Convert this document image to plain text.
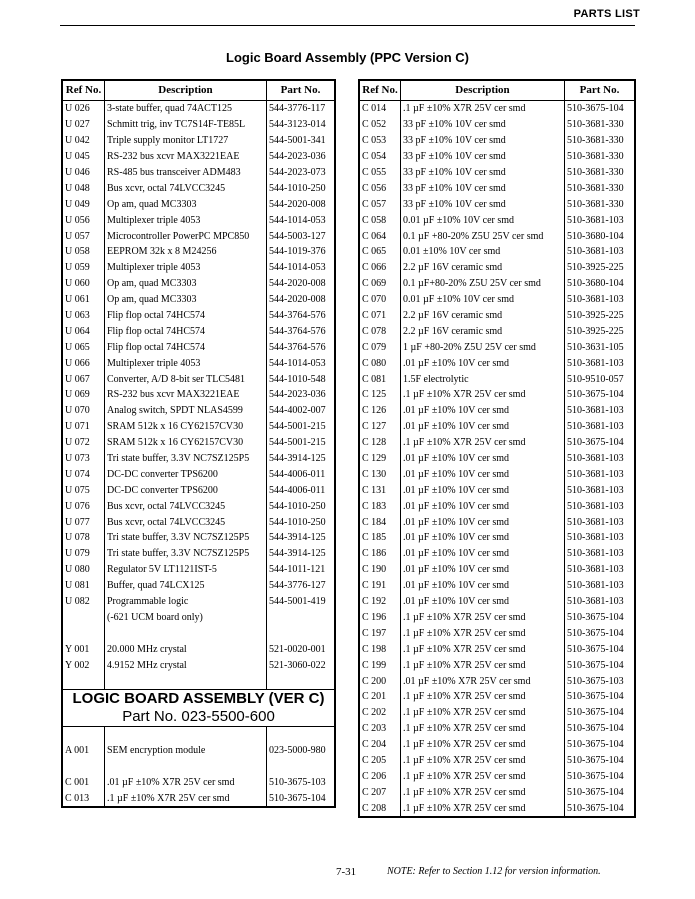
PARTS LIST
Logic Board Assembly (PPC Version C)
Ref No.	Description	Part No.
U 026	3-state buffer, quad 74ACT125	544-3776-117
U 027	Schmitt trig, inv TC7S14F-TE85L	544-3123-014
U 042	Triple supply monitor LT1727	544-5001-341
U 045	RS-232 bus xcvr MAX3221EAE	544-2023-036
U 046	RS-485 bus transceiver ADM483	544-2023-073
U 048	Bus xcvr, octal 74LVCC3245	544-1010-250
U 049	Op am, quad MC3303	544-2020-008
U 056	Multiplexer triple 4053	544-1014-053
U 057	Microcontroller PowerPC MPC850	544-5003-127
U 058	EEPROM 32k x 8 M24256	544-1019-376
U 059	Multiplexer triple 4053	544-1014-053
U 060	Op am, quad MC3303	544-2020-008
U 061	Op am, quad MC3303	544-2020-008
U 063	Flip flop octal 74HC574	544-3764-576
U 064	Flip flop octal 74HC574	544-3764-576
U 065	Flip flop octal 74HC574	544-3764-576
U 066	Multiplexer triple 4053	544-1014-053
U 067	Converter, A/D 8-bit ser TLC5481	544-1010-548
U 069	RS-232 bus xcvr MAX3221EAE	544-2023-036
U 070	Analog switch, SPDT NLAS4599	544-4002-007
U 071	SRAM 512k x 16 CY62157CV30	544-5001-215
U 072	SRAM 512k x 16 CY62157CV30	544-5001-215
U 073	Tri state buffer, 3.3V NC7SZ125P5	544-3914-125
U 074	DC-DC converter TPS6200	544-4006-011
U 075	DC-DC converter TPS6200	544-4006-011
U 076	Bus xcvr, octal 74LVCC3245	544-1010-250
U 077	Bus xcvr, octal 74LVCC3245	544-1010-250
U 078	Tri state buffer, 3.3V NC7SZ125P5	544-3914-125
U 079	Tri state buffer, 3.3V NC7SZ125P5	544-3914-125
U 080	Regulator 5V LT1121IST-5	544-1011-121
U 081	Buffer, quad 74LCX125	544-3776-127
U 082	Programmable logic	544-5001-419
	(-621 UCM board only)	

Y 001	20.000 MHz crystal	521-0020-001
Y 002	4.9152 MHz crystal	521-3060-022

LOGIC BOARD ASSEMBLY (VER C)
Part No. 023-5500-600		

A 001	SEM encryption module	023-5000-980

C 001	.01 µF ±10% X7R 25V cer smd	510-3675-103
C 013	.1 µF ±10% X7R 25V cer smd	510-3675-104
Ref No.	Description	Part No.
C 014	.1 µF ±10% X7R 25V cer smd	510-3675-104
C 052	33 pF ±10% 10V cer smd	510-3681-330
C 053	33 pF ±10% 10V cer smd	510-3681-330
C 054	33 pF ±10% 10V cer smd	510-3681-330
C 055	33 pF ±10% 10V cer smd	510-3681-330
C 056	33 pF ±10% 10V cer smd	510-3681-330
C 057	33 pF ±10% 10V cer smd	510-3681-330
C 058	0.01 µF ±10% 10V cer smd	510-3681-103
C 064	0.1 µF +80-20% Z5U 25V cer smd	510-3680-104
C 065	0.01 ±10% 10V cer smd	510-3681-103
C 066	2.2 µF 16V ceramic smd	510-3925-225
C 069	0.1 µF+80-20% Z5U 25V cer smd	510-3680-104
C 070	0.01 µF ±10% 10V cer smd	510-3681-103
C 071	2.2 µF 16V ceramic smd	510-3925-225
C 078	2.2 µF 16V ceramic smd	510-3925-225
C 079	1 µF +80-20% Z5U 25V cer smd	510-3631-105
C 080	.01 µF ±10% 10V cer smd	510-3681-103
C 081	1.5F electrolytic	510-9510-057
C 125	.1 µF ±10% X7R 25V cer smd	510-3675-104
C 126	.01 µF ±10% 10V cer smd	510-3681-103
C 127	.01 µF ±10% 10V cer smd	510-3681-103
C 128	.1 µF ±10% X7R 25V cer smd	510-3675-104
C 129	.01 µF ±10% 10V cer smd	510-3681-103
C 130	.01 µF ±10% 10V cer smd	510-3681-103
C 131	.01 µF ±10% 10V cer smd	510-3681-103
C 183	.01 µF ±10% 10V cer smd	510-3681-103
C 184	.01 µF ±10% 10V cer smd	510-3681-103
C 185	.01 µF ±10% 10V cer smd	510-3681-103
C 186	.01 µF ±10% 10V cer smd	510-3681-103
C 190	.01 µF ±10% 10V cer smd	510-3681-103
C 191	.01 µF ±10% 10V cer smd	510-3681-103
C 192	.01 µF ±10% 10V cer smd	510-3681-103
C 196	.1 µF ±10% X7R 25V cer smd	510-3675-104
C 197	.1 µF ±10% X7R 25V cer smd	510-3675-104
C 198	.1 µF ±10% X7R 25V cer smd	510-3675-104
C 199	.1 µF ±10% X7R 25V cer smd	510-3675-104
C 200	.01 µF ±10% X7R 25V cer smd	510-3675-103
C 201	.1 µF ±10% X7R 25V cer smd	510-3675-104
C 202	.1 µF ±10% X7R 25V cer smd	510-3675-104
C 203	.1 µF ±10% X7R 25V cer smd	510-3675-104
C 204	.1 µF ±10% X7R 25V cer smd	510-3675-104
C 205	.1 µF ±10% X7R 25V cer smd	510-3675-104
C 206	.1 µF ±10% X7R 25V cer smd	510-3675-104
C 207	.1 µF ±10% X7R 25V cer smd	510-3675-104
C 208	.1 µF ±10% X7R 25V cer smd	510-3675-104
7-31	NOTE: Refer to Section 1.12 for version information.
